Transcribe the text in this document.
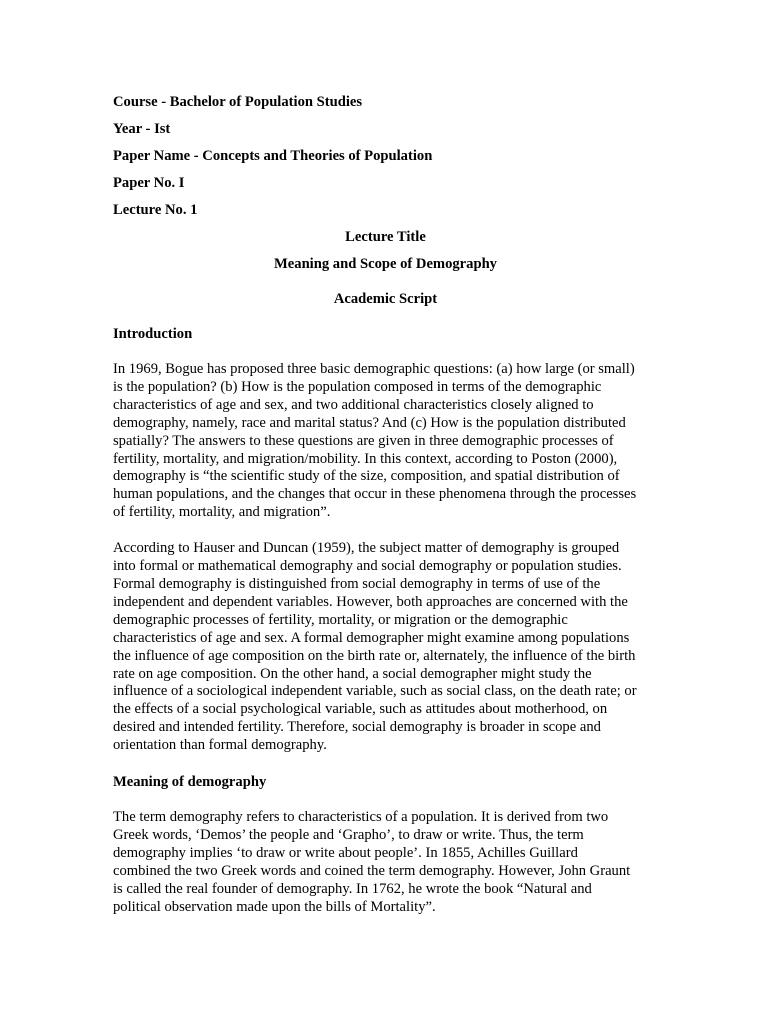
Course - Bachelor of Population Studies

Year - Ist

Paper Name - Concepts and Theories of Population

Paper No. I

Lecture No. 1

Lecture Title

Meaning and Scope of Demography

Academic Script

Introduction

In 1969, Bogue has proposed three basic demographic questions: (a) how large (or small)
is the population? (b) How is the population composed in terms of the demographic
characteristics of age and sex, and two additional characteristics closely aligned to
demography, namely, race and marital status? And (c) How is the population distributed
spatially? The answers to these questions are given in three demographic processes of
fertility, mortality, and migration/mobility. In this context, according to Poston (2000),
demography is “the scientific study of the size, composition, and spatial distribution of
human populations, and the changes that occur in these phenomena through the processes
of fertility, mortality, and migration”.

According to Hauser and Duncan (1959), the subject matter of demography is grouped
into formal or mathematical demography and social demography or population studies.
Formal demography is distinguished from social demography in terms of use of the
independent and dependent variables. However, both approaches are concerned with the
demographic processes of fertility, mortality, or migration or the demographic
characteristics of age and sex. A formal demographer might examine among populations
the influence of age composition on the birth rate or, alternately, the influence of the birth
rate on age composition. On the other hand, a social demographer might study the
influence of a sociological independent variable, such as social class, on the death rate; or
the effects of a social psychological variable, such as attitudes about motherhood, on
desired and intended fertility. Therefore, social demography is broader in scope and
orientation than formal demography.

Meaning of demography

The term demography refers to characteristics of a population. It is derived from two
Greek words, ‘Demos’ the people and ‘Grapho’, to draw or write. Thus, the term
demography implies ‘to draw or write about people’. In 1855, Achilles Guillard
combined the two Greek words and coined the term demography. However, John Graunt
is called the real founder of demography. In 1762, he wrote the book “Natural and
political observation made upon the bills of Mortality”.
